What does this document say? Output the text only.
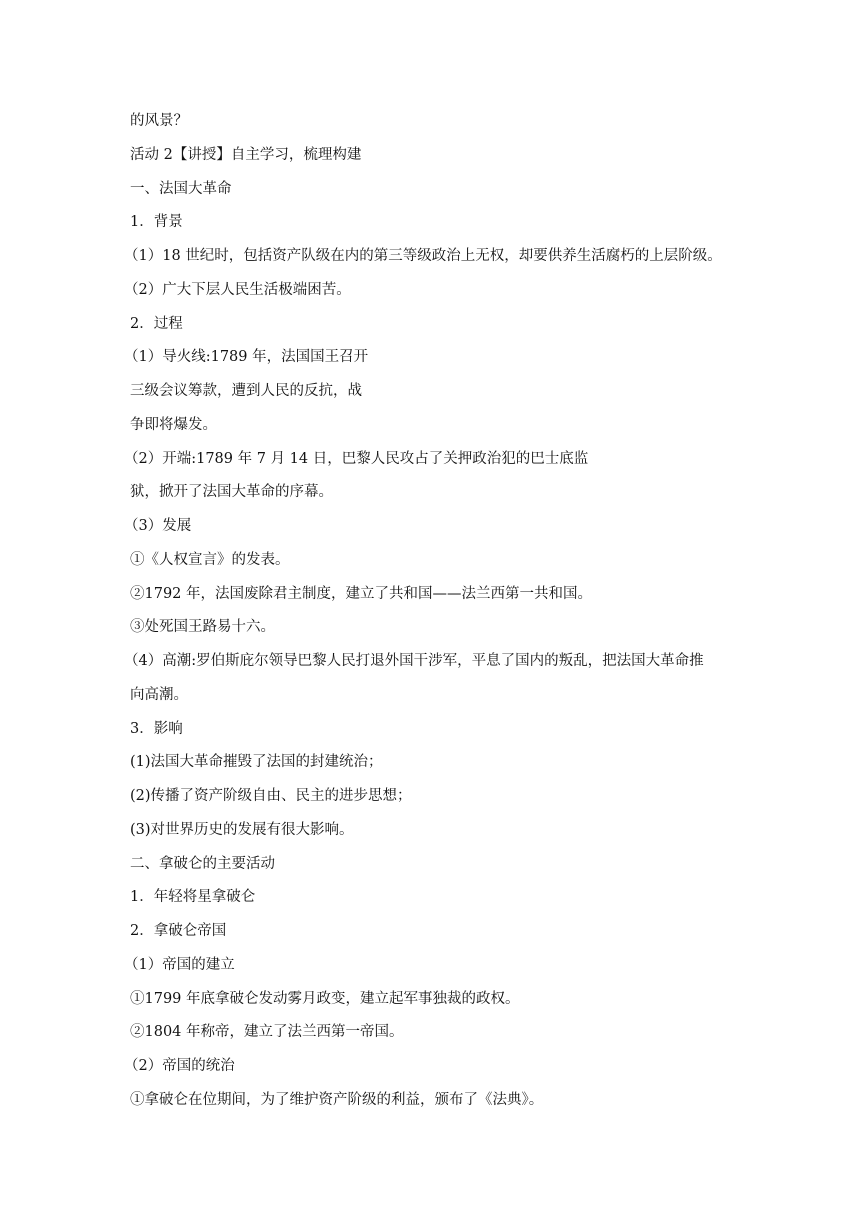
的风景？
活动 2【讲授】自主学习，梳理构建
一、法国大革命
1．背景
（1）18 世纪时，包括资产队级在内的第三等级政治上无权，却要供养生活腐朽的上层阶级。
（2）广大下层人民生活极端困苦。
2．过程
（1）导火线:1789 年，法国国王召开
三级会议筹款，遭到人民的反抗，战
争即将爆发。
（2）开端:1789 年 7 月 14 日，巴黎人民攻占了关押政治犯的巴士底监
狱，掀开了法国大革命的序幕。
（3）发展
①《人权宣言》的发表。
②1792 年，法国废除君主制度，建立了共和国——法兰西第一共和国。
③处死国王路易十六。
（4）高潮:罗伯斯庇尔领导巴黎人民打退外国干涉军，平息了国内的叛乱，把法国大革命推
向高潮。
3．影响
(1)法国大革命摧毁了法国的封建统治；
(2)传播了资产阶级自由、民主的进步思想；
(3)对世界历史的发展有很大影响。
二、拿破仑的主要活动
1．年轻将星拿破仑
2．拿破仑帝国
（1）帝国的建立
①1799 年底拿破仑发动雾月政变，建立起军事独裁的政权。
②1804 年称帝，建立了法兰西第一帝国。
（2）帝国的统治
①拿破仑在位期间，为了维护资产阶级的利益，颁布了《法典》。
